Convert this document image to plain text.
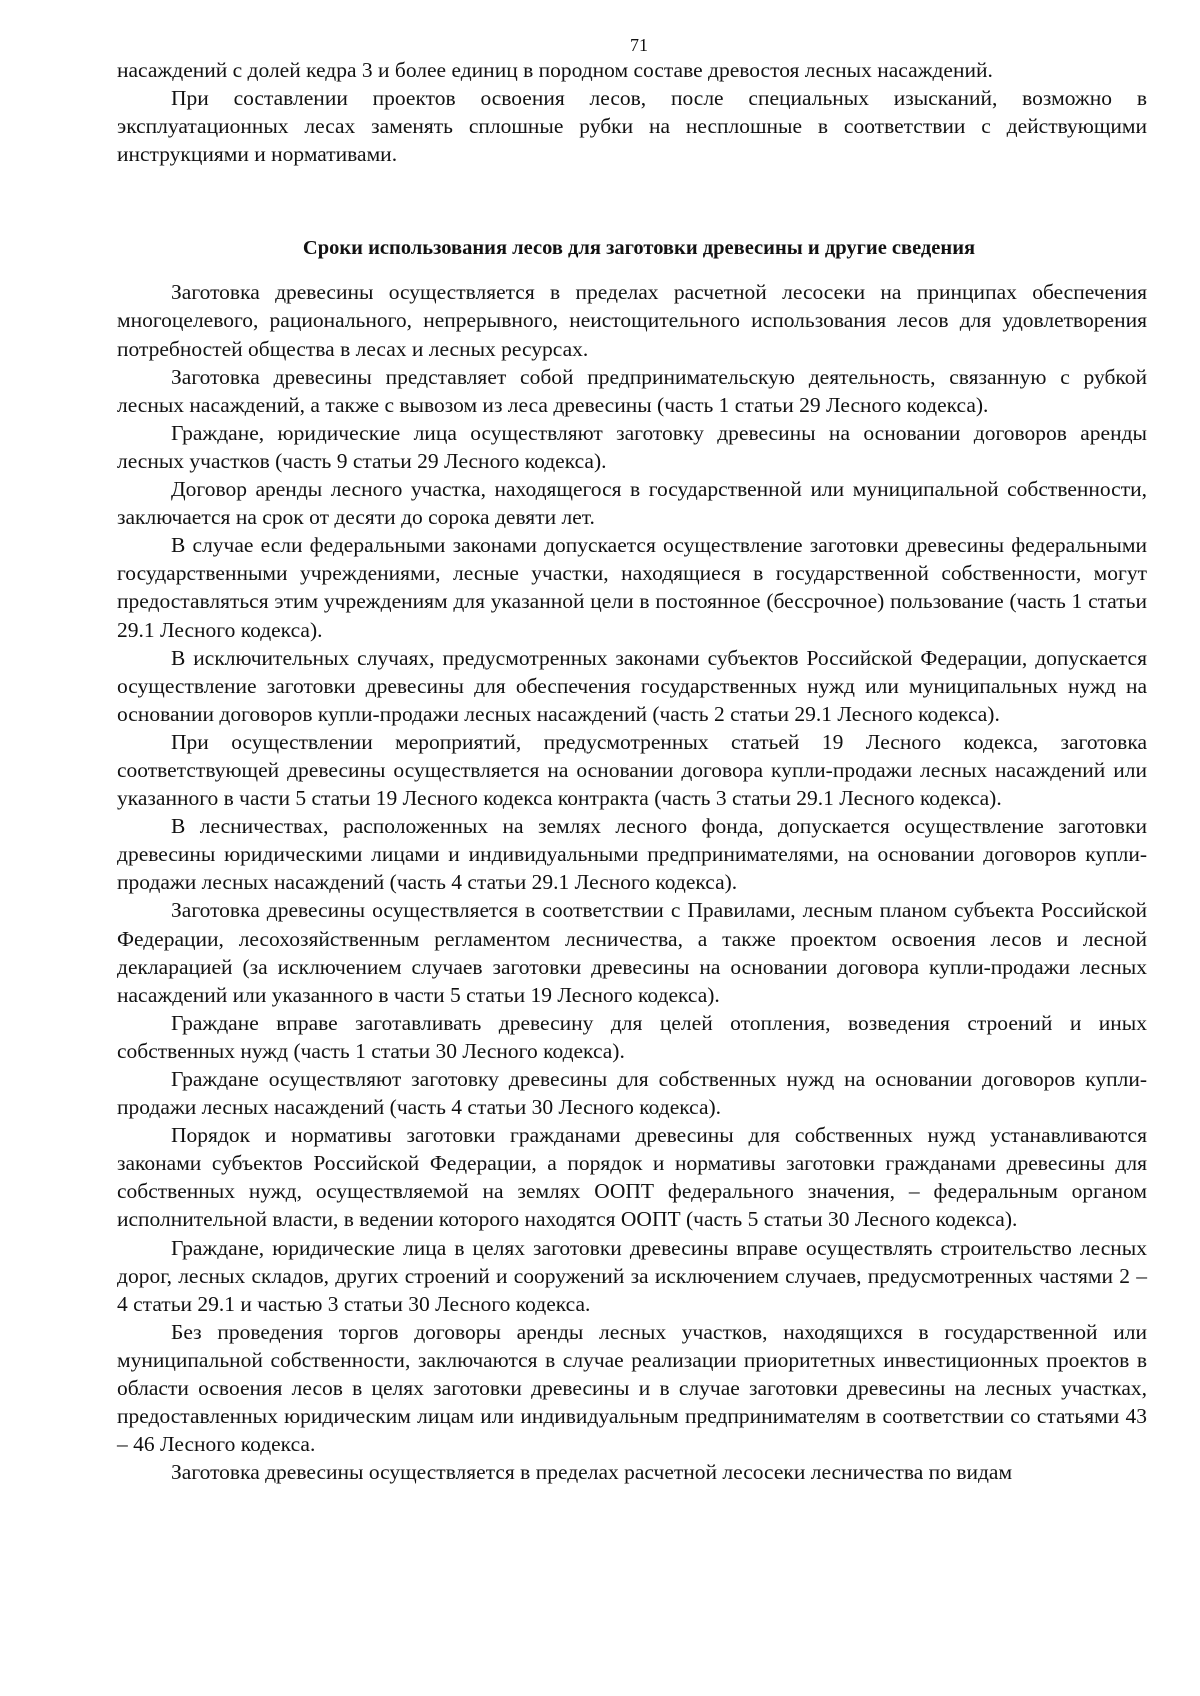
71

насаждений с долей кедра 3 и более единиц в породном составе древостоя лесных насаждений.

При составлении проектов освоения лесов, после специальных изысканий, возможно в эксплуатационных лесах заменять сплошные рубки на несплошные в соответствии с действующими инструкциями и нормативами.

Сроки использования лесов для заготовки древесины и другие сведения

Заготовка древесины осуществляется в пределах расчетной лесосеки на принципах обеспечения многоцелевого, рационального, непрерывного, неистощительного использования лесов для удовлетворения потребностей общества в лесах и лесных ресурсах.

Заготовка древесины представляет собой предпринимательскую деятельность, связанную с рубкой лесных насаждений, а также с вывозом из леса древесины (часть 1 статьи 29 Лесного кодекса).

Граждане, юридические лица осуществляют заготовку древесины на основании договоров аренды лесных участков (часть 9 статьи 29 Лесного кодекса).

Договор аренды лесного участка, находящегося в государственной или муниципальной собственности, заключается на срок от десяти до сорока девяти лет.

В случае если федеральными законами допускается осуществление заготовки древесины федеральными государственными учреждениями, лесные участки, находящиеся в государственной собственности, могут предоставляться этим учреждениям для указанной цели в постоянное (бессрочное) пользование (часть 1 статьи 29.1 Лесного кодекса).

В исключительных случаях, предусмотренных законами субъектов Российской Федерации, допускается осуществление заготовки древесины для обеспечения государственных нужд или муниципальных нужд на основании договоров купли-продажи лесных насаждений (часть 2 статьи 29.1 Лесного кодекса).

При осуществлении мероприятий, предусмотренных статьей 19 Лесного кодекса, заготовка соответствующей древесины осуществляется на основании договора купли-продажи лесных насаждений или указанного в части 5 статьи 19 Лесного кодекса контракта (часть 3 статьи 29.1 Лесного кодекса).

В лесничествах, расположенных на землях лесного фонда, допускается осуществление заготовки древесины юридическими лицами и индивидуальными предпринимателями, на основании договоров купли-продажи лесных насаждений (часть 4 статьи 29.1 Лесного кодекса).

Заготовка древесины осуществляется в соответствии с Правилами, лесным планом субъекта Российской Федерации, лесохозяйственным регламентом лесничества, а также проектом освоения лесов и лесной декларацией (за исключением случаев заготовки древесины на основании договора купли-продажи лесных насаждений или указанного в части 5 статьи 19 Лесного кодекса).

Граждане вправе заготавливать древесину для целей отопления, возведения строений и иных собственных нужд (часть 1 статьи 30 Лесного кодекса).

Граждане осуществляют заготовку древесины для собственных нужд на основании договоров купли-продажи лесных насаждений (часть 4 статьи 30 Лесного кодекса).

Порядок и нормативы заготовки гражданами древесины для собственных нужд устанавливаются законами субъектов Российской Федерации, а порядок и нормативы заготовки гражданами древесины для собственных нужд, осуществляемой на землях ООПТ федерального значения, – федеральным органом исполнительной власти, в ведении которого находятся ООПТ (часть 5 статьи 30 Лесного кодекса).

Граждане, юридические лица в целях заготовки древесины вправе осуществлять строительство лесных дорог, лесных складов, других строений и сооружений за исключением случаев, предусмотренных частями 2 – 4 статьи 29.1 и частью 3 статьи 30 Лесного кодекса.

Без проведения торгов договоры аренды лесных участков, находящихся в государственной или муниципальной собственности, заключаются в случае реализации приоритетных инвестиционных проектов в области освоения лесов в целях заготовки древесины и в случае заготовки древесины на лесных участках, предоставленных юридическим лицам или индивидуальным предпринимателям в соответствии со статьями 43 – 46 Лесного кодекса.

Заготовка древесины осуществляется в пределах расчетной лесосеки лесничества по видам
